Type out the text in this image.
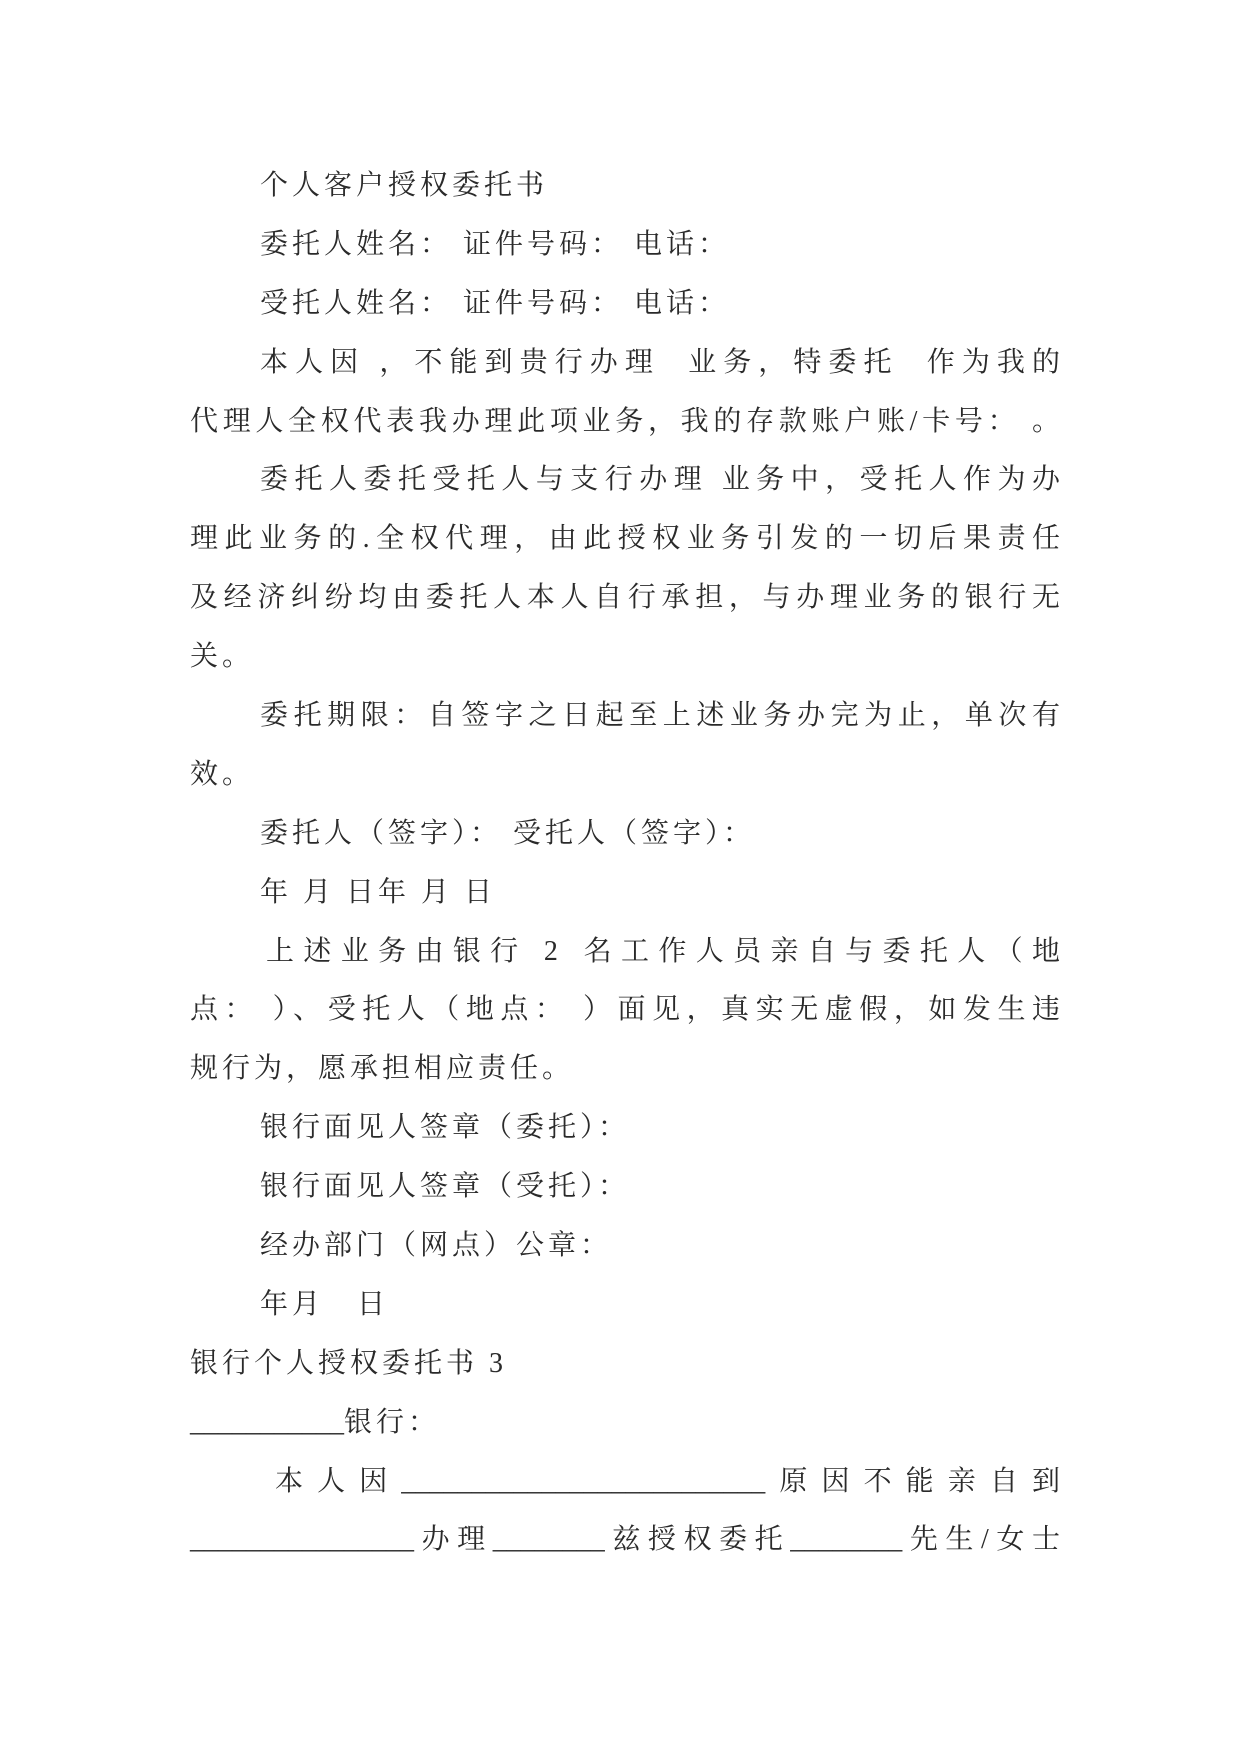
个人客户授权委托书
委托人姓名： 证件号码： 电话：
受托人姓名： 证件号码： 电话：
本人因 ，不能到贵行办理  业务，特委托  作为我的
代理人全权代表我办理此项业务，我的存款账户账/卡号： 。
委托人委托受托人与支行办理 业务中，受托人作为办
理此业务的.全权代理，由此授权业务引发的一切后果责任
及经济纠纷均由委托人本人自行承担，与办理业务的银行无
关。
委托期限：自签字之日起至上述业务办完为止，单次有
效。
委托人（签字）： 受托人（签字）：
年 月 日年 月 日
上述业务由银行 2 名工作人员亲自与委托人（地
点： ）、受托人（地点： ）面见，真实无虚假，如发生违
规行为，愿承担相应责任。
银行面见人签章（委托）：
银行面见人签章（受托）：
经办部门（网点）公章：
年月   日
银行个人授权委托书 3
___________银行：
本人因__________________________ 原因不能亲自到
________________ 办理________ 兹授权委托________ 先生/女士
